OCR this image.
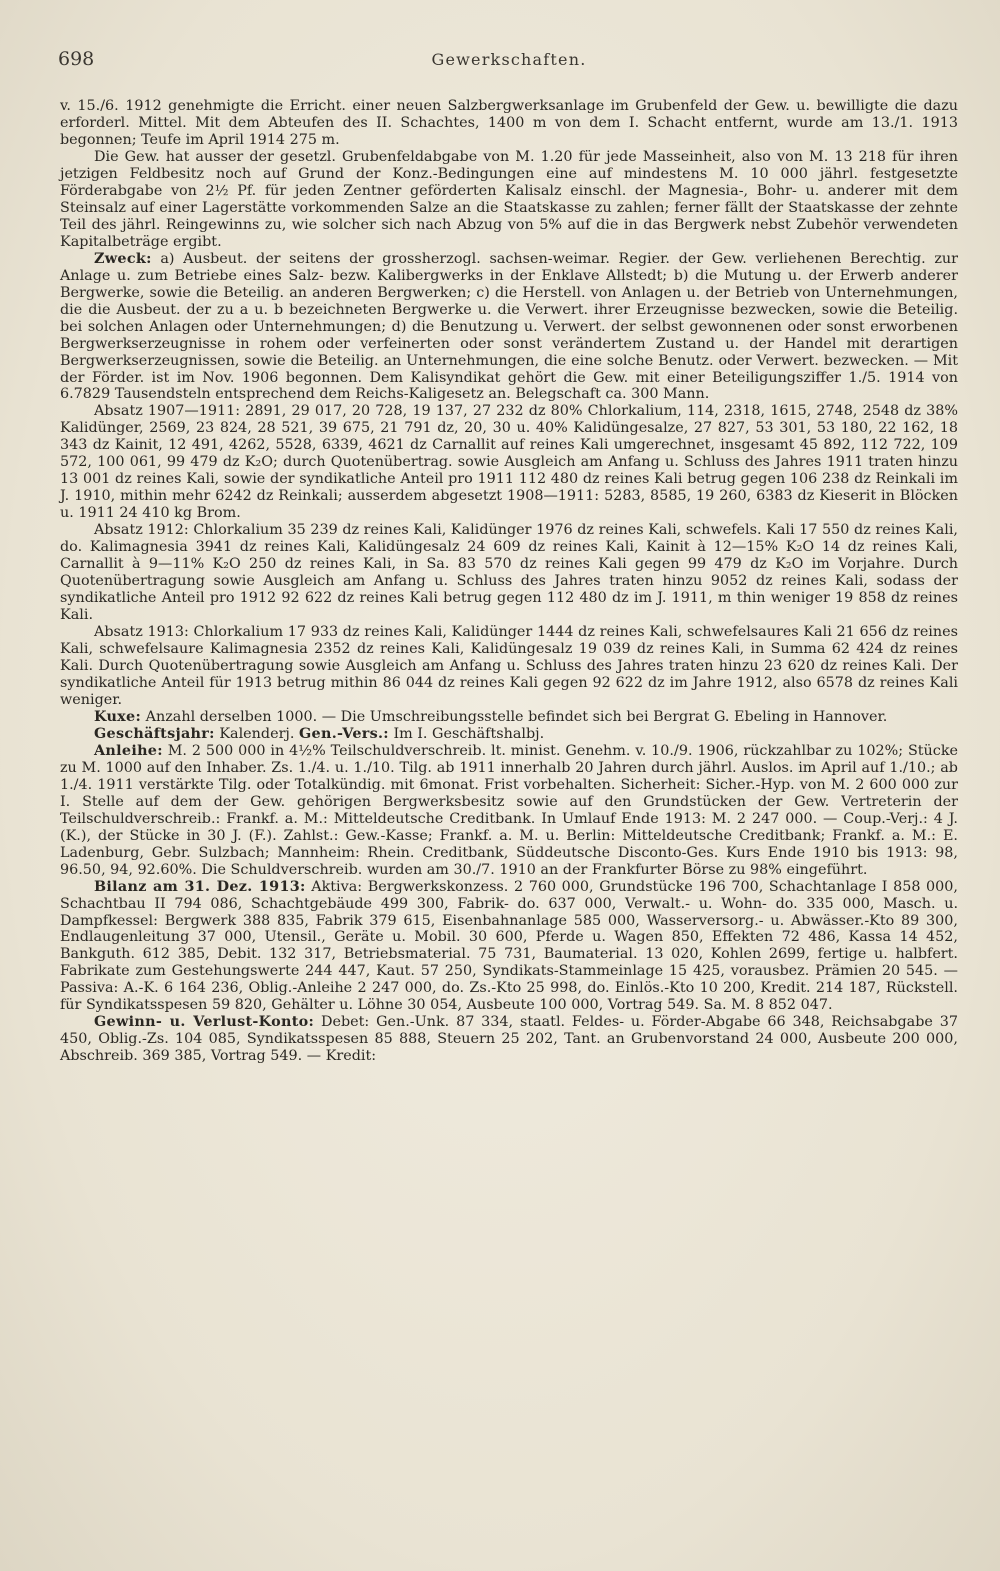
698	Gewerkschaften.

v. 15./6. 1912 genehmigte die Erricht. einer neuen Salzbergwerksanlage im Grubenfeld der Gew. u. bewilligte die dazu erforderl. Mittel. Mit dem Abteufen des II. Schachtes, 1400 m von dem I. Schacht entfernt, wurde am 13./1. 1913 begonnen; Teufe im April 1914 275 m.

Die Gew. hat ausser der gesetzl. Grubenfeldabgabe von M. 1.20 für jede Masseinheit, also von M. 13 218 für ihren jetzigen Feldbesitz noch auf Grund der Konz.-Bedingungen eine auf mindestens M. 10 000 jährl. festgesetzte Förderabgabe von 2½ Pf. für jeden Zentner geförderten Kalisalz einschl. der Magnesia-, Bohr- u. anderer mit dem Steinsalz auf einer Lagerstätte vorkommenden Salze an die Staatskasse zu zahlen; ferner fällt der Staatskasse der zehnte Teil des jährl. Reingewinns zu, wie solcher sich nach Abzug von 5% auf die in das Bergwerk nebst Zubehör verwendeten Kapitalbeträge ergibt.

Zweck: a) Ausbeut. der seitens der grossherzogl. sachsen-weimar. Regier. der Gew. verliehenen Berechtig. zur Anlage u. zum Betriebe eines Salz- bezw. Kalibergwerks in der Enklave Allstedt; b) die Mutung u. der Erwerb anderer Bergwerke, sowie die Beteilig. an anderen Bergwerken; c) die Herstell. von Anlagen u. der Betrieb von Unternehmungen, die die Ausbeut. der zu a u. b bezeichneten Bergwerke u. die Verwert. ihrer Erzeugnisse bezwecken, sowie die Beteilig. bei solchen Anlagen oder Unternehmungen; d) die Benutzung u. Verwert. der selbst gewonnenen oder sonst erworbenen Bergwerkserzeugnisse in rohem oder verfeinerten oder sonst verändertem Zustand u. der Handel mit derartigen Bergwerkserzeugnissen, sowie die Beteilig. an Unternehmungen, die eine solche Benutz. oder Verwert. bezwecken. — Mit der Förder. ist im Nov. 1906 begonnen. Dem Kalisyndikat gehört die Gew. mit einer Beteiligungsziffer 1./5. 1914 von 6.7829 Tausendsteln entsprechend dem Reichs-Kaligesetz an. Belegschaft ca. 300 Mann.

Absatz 1907—1911: 2891, 29 017, 20 728, 19 137, 27 232 dz 80% Chlorkalium, 114, 2318, 1615, 2748, 2548 dz 38% Kalidünger, 2569, 23 824, 28 521, 39 675, 21 791 dz, 20, 30 u. 40% Kalidüngesalze, 27 827, 53 301, 53 180, 22 162, 18 343 dz Kainit, 12 491, 4262, 5528, 6339, 4621 dz Carnallit auf reines Kali umgerechnet, insgesamt 45 892, 112 722, 109 572, 100 061, 99 479 dz K₂O; durch Quotenübertrag. sowie Ausgleich am Anfang u. Schluss des Jahres 1911 traten hinzu 13 001 dz reines Kali, sowie der syndikatliche Anteil pro 1911 112 480 dz reines Kali betrug gegen 106 238 dz Reinkali im J. 1910, mithin mehr 6242 dz Reinkali; ausserdem abgesetzt 1908—1911: 5283, 8585, 19 260, 6383 dz Kieserit in Blöcken u. 1911 24 410 kg Brom.

Absatz 1912: Chlorkalium 35 239 dz reines Kali, Kalidünger 1976 dz reines Kali, schwefels. Kali 17 550 dz reines Kali, do. Kalimagnesia 3941 dz reines Kali, Kalidüngesalz 24 609 dz reines Kali, Kainit à 12—15% K₂O 14 dz reines Kali, Carnallit à 9—11% K₂O 250 dz reines Kali, in Sa. 83 570 dz reines Kali gegen 99 479 dz K₂O im Vorjahre. Durch Quotenübertragung sowie Ausgleich am Anfang u. Schluss des Jahres traten hinzu 9052 dz reines Kali, sodass der syndikatliche Anteil pro 1912 92 622 dz reines Kali betrug gegen 112 480 dz im J. 1911, m thin weniger 19 858 dz reines Kali.

Absatz 1913: Chlorkalium 17 933 dz reines Kali, Kalidünger 1444 dz reines Kali, schwefelsaures Kali 21 656 dz reines Kali, schwefelsaure Kalimagnesia 2352 dz reines Kali, Kalidüngesalz 19 039 dz reines Kali, in Summa 62 424 dz reines Kali. Durch Quotenübertragung sowie Ausgleich am Anfang u. Schluss des Jahres traten hinzu 23 620 dz reines Kali. Der syndikatliche Anteil für 1913 betrug mithin 86 044 dz reines Kali gegen 92 622 dz im Jahre 1912, also 6578 dz reines Kali weniger.

Kuxe: Anzahl derselben 1000. — Die Umschreibungsstelle befindet sich bei Bergrat G. Ebeling in Hannover.

Geschäftsjahr: Kalenderj. Gen.-Vers.: Im I. Geschäftshalbj.

Anleihe: M. 2 500 000 in 4½% Teilschuldverschreib. lt. minist. Genehm. v. 10./9. 1906, rückzahlbar zu 102%; Stücke zu M. 1000 auf den Inhaber. Zs. 1./4. u. 1./10. Tilg. ab 1911 innerhalb 20 Jahren durch jährl. Auslos. im April auf 1./10.; ab 1./4. 1911 verstärkte Tilg. oder Totalkündig. mit 6monat. Frist vorbehalten. Sicherheit: Sicher.-Hyp. von M. 2 600 000 zur I. Stelle auf dem der Gew. gehörigen Bergwerksbesitz sowie auf den Grundstücken der Gew. Vertreterin der Teilschuldverschreib.: Frankf. a. M.: Mitteldeutsche Creditbank. In Umlauf Ende 1913: M. 2 247 000. — Coup.-Verj.: 4 J. (K.), der Stücke in 30 J. (F.). Zahlst.: Gew.-Kasse; Frankf. a. M. u. Berlin: Mitteldeutsche Creditbank; Frankf. a. M.: E. Ladenburg, Gebr. Sulzbach; Mannheim: Rhein. Creditbank, Süddeutsche Disconto-Ges. Kurs Ende 1910 bis 1913: 98, 96.50, 94, 92.60%. Die Schuldverschreib. wurden am 30./7. 1910 an der Frankfurter Börse zu 98% eingeführt.

Bilanz am 31. Dez. 1913: Aktiva: Bergwerkskonzess. 2 760 000, Grundstücke 196 700, Schachtanlage I 858 000, Schachtbau II 794 086, Schachtgebäude 499 300, Fabrik- do. 637 000, Verwalt.- u. Wohn- do. 335 000, Masch. u. Dampfkessel: Bergwerk 388 835, Fabrik 379 615, Eisenbahnanlage 585 000, Wasserversorg.- u. Abwässer.-Kto 89 300, Endlaugenleitung 37 000, Utensil., Geräte u. Mobil. 30 600, Pferde u. Wagen 850, Effekten 72 486, Kassa 14 452, Bankguth. 612 385, Debit. 132 317, Betriebsmaterial. 75 731, Baumaterial. 13 020, Kohlen 2699, fertige u. halbfert. Fabrikate zum Gestehungswerte 244 447, Kaut. 57 250, Syndikats-Stammeinlage 15 425, vorausbez. Prämien 20 545. — Passiva: A.-K. 6 164 236, Oblig.-Anleihe 2 247 000, do. Zs.-Kto 25 998, do. Einlös.-Kto 10 200, Kredit. 214 187, Rückstell. für Syndikatsspesen 59 820, Gehälter u. Löhne 30 054, Ausbeute 100 000, Vortrag 549. Sa. M. 8 852 047.

Gewinn- u. Verlust-Konto: Debet: Gen.-Unk. 87 334, staatl. Feldes- u. Förder-Abgabe 66 348, Reichsabgabe 37 450, Oblig.-Zs. 104 085, Syndikatsspesen 85 888, Steuern 25 202, Tant. an Grubenvorstand 24 000, Ausbeute 200 000, Abschreib. 369 385, Vortrag 549. — Kredit:
